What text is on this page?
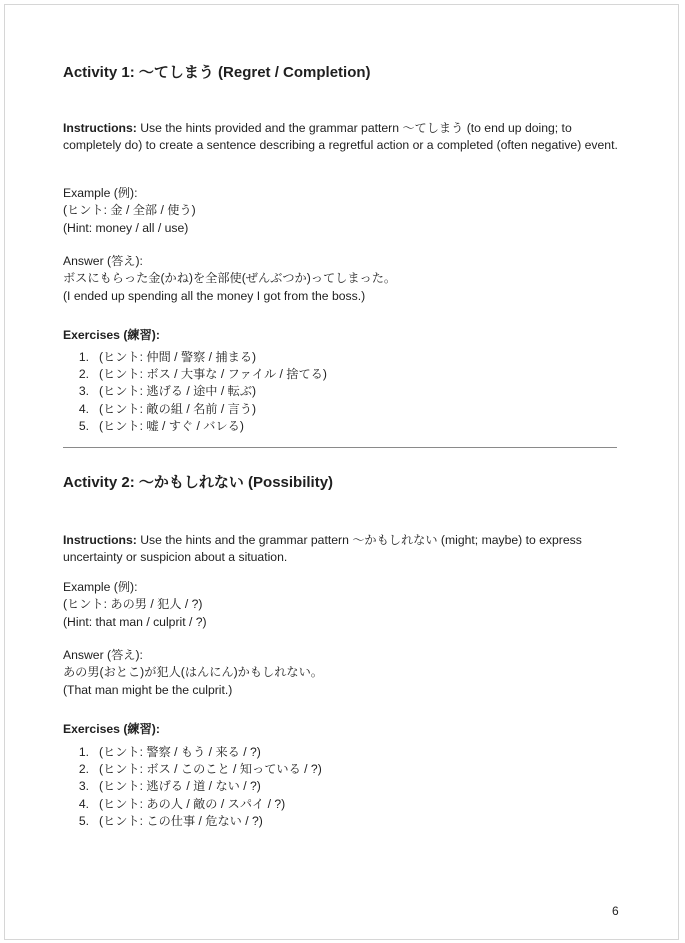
Activity 1: ～てしまう (Regret / Completion)
Instructions: Use the hints provided and the grammar pattern ～てしまう (to end up doing; to completely do) to create a sentence describing a regretful action or a completed (often negative) event.

Example (例):

(ヒント: 金 / 全部 / 使う)

(Hint: money / all / use)

Answer (答え):

ボスにもらった金(かね)を全部使(ぜんぶつか)ってしまった。

(I ended up spending all the money I got from the boss.)

Exercises (練習):
1. (ヒント: 仲間 / 警察 / 捕まる)
2. (ヒント: ボス / 大事な / ファイル / 捨てる)
3. (ヒント: 逃げる / 途中 / 転ぶ)
4. (ヒント: 敵の組 / 名前 / 言う)
5. (ヒント: 嘘 / すぐ / バレる)
Activity 2: ～かもしれない (Possibility)
Instructions: Use the hints and the grammar pattern ～かもしれない (might; maybe) to express uncertainty or suspicion about a situation.

Example (例):

(ヒント: あの男 / 犯人 / ?)

(Hint: that man / culprit / ?)

Answer (答え):

あの男(おとこ)が犯人(はんにん)かもしれない。

(That man might be the culprit.)

Exercises (練習):
1. (ヒント: 警察 / もう / 来る / ?)
2. (ヒント: ボス / このこと / 知っている / ?)
3. (ヒント: 逃げる / 道 / ない / ?)
4. (ヒント: あの人 / 敵の / スパイ / ?)
5. (ヒント: この仕事 / 危ない / ?)
6
